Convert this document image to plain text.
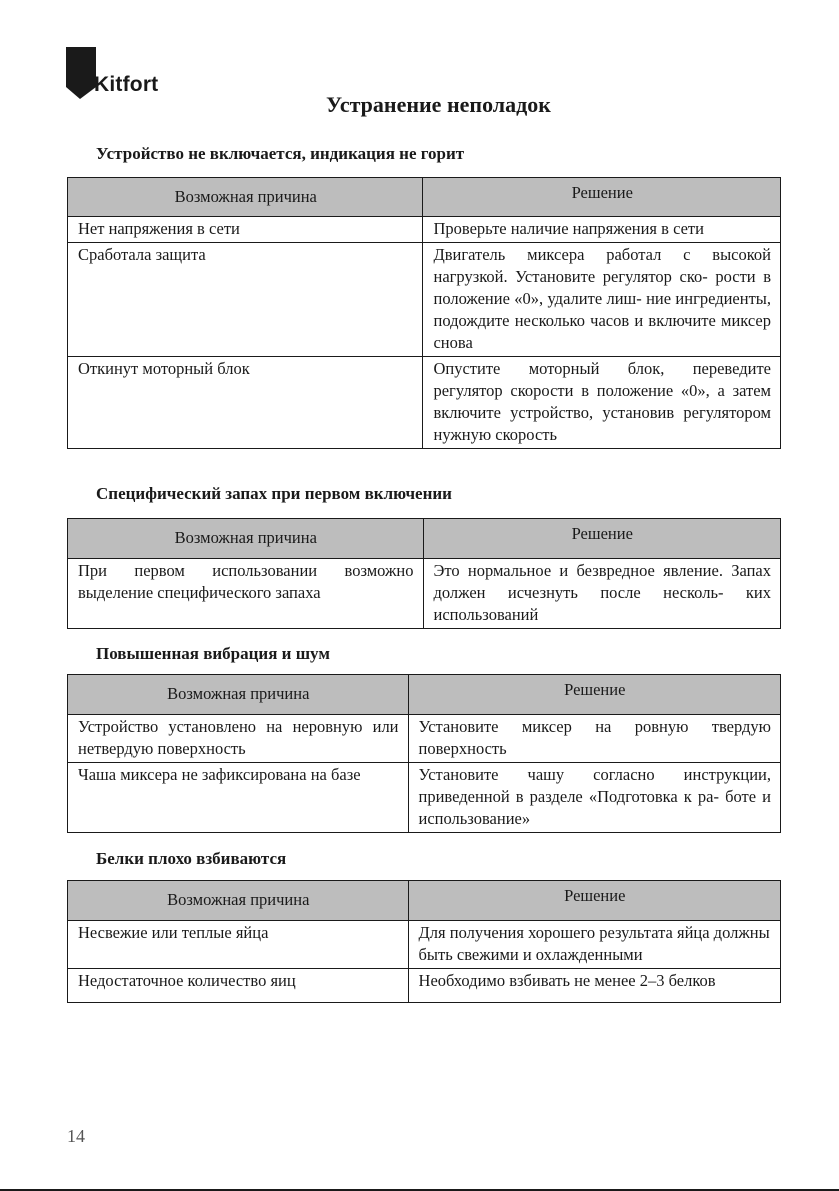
Kitfort
Устранение неполадок
Устройство не включается, индикация не горит
Возможная причина	Решение
Нет напряжения в сети	Проверьте наличие напряжения в сети
Сработала защита	Двигатель миксера работал с высокой нагрузкой. Установите регулятор ско- рости в положение «0», удалите лиш- ние ингредиенты, подождите несколько часов и включите миксер снова
Откинут моторный блок	Опустите моторный блок, переведите регулятор скорости в положение «0», а затем включите устройство, установив регулятором нужную скорость
Специфический запах при первом включении
Возможная причина	Решение
При первом использовании возможно выделение специфического запаха	Это нормальное и безвредное явление. Запах должен исчезнуть после несколь- ких использований
Повышенная вибрация и шум
Возможная причина	Решение
Устройство установлено на неровную или нетвердую поверхность	Установите миксер на ровную твердую поверхность
Чаша миксера не зафиксирована на базе	Установите чашу согласно инструкции, приведенной в разделе «Подготовка к ра- боте и использование»
Белки плохо взбиваются
Возможная причина	Решение
Несвежие или теплые яйца	Для получения хорошего результата яйца должны быть свежими и охлажденными
Недостаточное количество яиц	Необходимо взбивать не менее 2–3 белков
14
